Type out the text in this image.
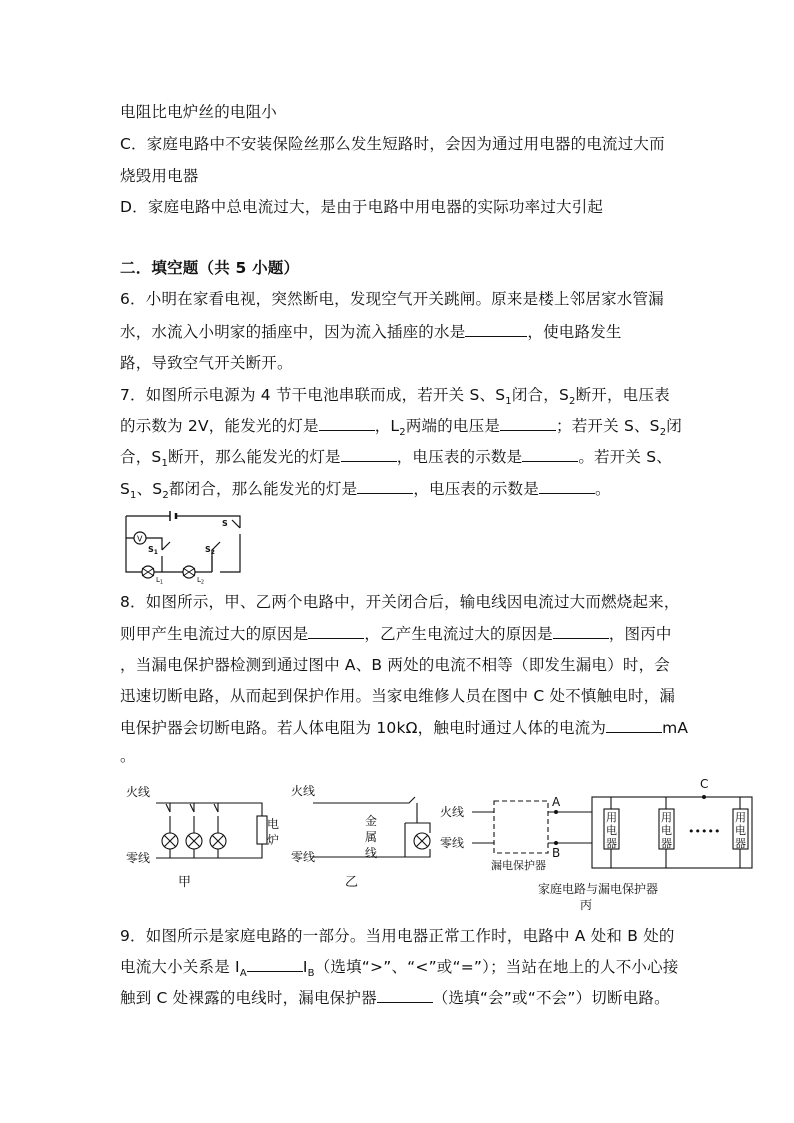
电阻比电炉丝的电阻小
C．家庭电路中不安装保险丝那么发生短路时，会因为通过用电器的电流过大而
烧毁用电器
D．家庭电路中总电流过大，是由于电路中用电器的实际功率过大引起
二．填空题（共 5 小题）
6．小明在家看电视，突然断电，发现空气开关跳闸。原来是楼上邻居家水管漏
水，水流入小明家的插座中，因为流入插座的水是	，使电路发生
路，导致空气开关断开。
7．如图所示电源为 4 节干电池串联而成，若开关 S、$S_1$闭合，$S_2$断开，电压表
的示数为 2V，能发光的灯是	，$L_2$两端的电压是	；若开关 S、$S_2$闭
合，$S_1$断开，那么能发光的灯是	，电压表的示数是	。若开关 S、
$S_1$、$S_2$都闭合，那么能发光的灯是	，电压表的示数是	。
V
S
$S_1$	$S_2$
$L_1$	$L_2$
8．如图所示，甲、乙两个电路中，开关闭合后，输电线因电流过大而燃烧起来，
则甲产生电流过大的原因是	，乙产生电流过大的原因是	，图丙中
，当漏电保护器检测到通过图中 A、B 两处的电流不相等（即发生漏电）时，会
迅速切断电路，从而起到保护作用。当家电维修人员在图中 C 处不慎触电时，漏
电保护器会切断电路。若人体电阻为 10kΩ，触电时通过人体的电流为	mA
。
火线
零线
电
炉
甲
火线
零线
金
属
线
乙
火线
零线
A
B
C
漏电保护器
用
电
器
用
电
器
用
电
器
•••••
家庭电路与漏电保护器
丙
9．如图所示是家庭电路的一部分。当用电器正常工作时，电路中 A 处和 B 处的
电流大小关系是 $I_A$	$I_B$（选填“>”、“<”或“=”）；当站在地上的人不小心接
触到 C 处裸露的电线时，漏电保护器	（选填“会”或“不会”）切断电路。
